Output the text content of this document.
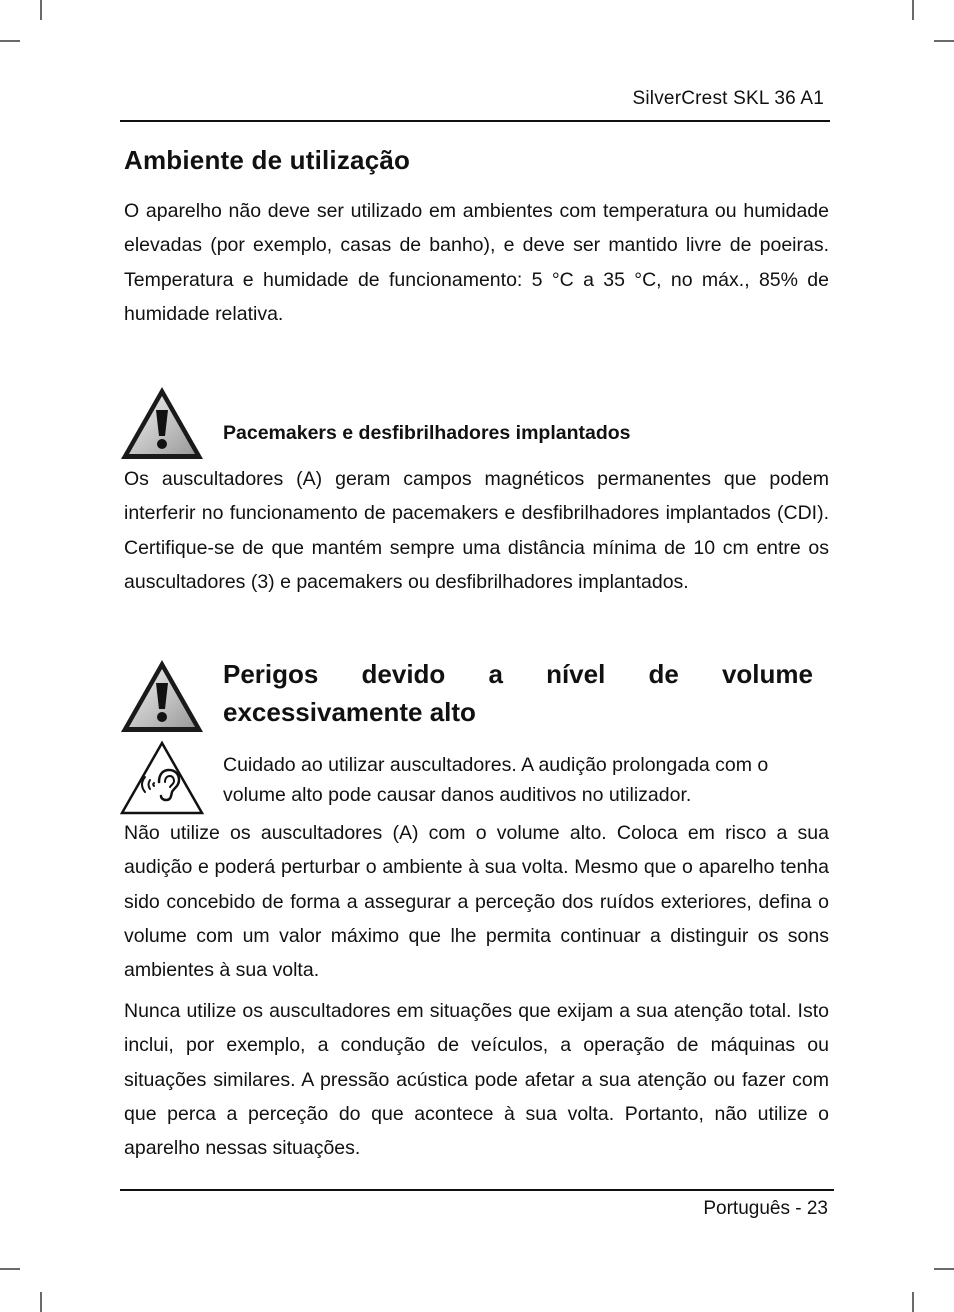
SilverCrest SKL 36 A1
Ambiente de utilização
O aparelho não deve ser utilizado em ambientes com temperatura ou humidade elevadas (por exemplo, casas de banho), e deve ser mantido livre de poeiras. Temperatura e humidade de funcionamento: 5 °C a 35 °C, no máx., 85% de humidade relativa.
Pacemakers e desfibrilhadores implantados
Os auscultadores (A) geram campos magnéticos permanentes que podem interferir no funcionamento de pacemakers e desfibrilhadores implantados (CDI). Certifique-se de que mantém sempre uma distância mínima de 10 cm entre os auscultadores (3) e pacemakers ou desfibrilhadores implantados.
Perigos devido a nível de volume excessivamente alto
Cuidado ao utilizar auscultadores. A audição prolongada com o volume alto pode causar danos auditivos no utilizador.
Não utilize os auscultadores (A) com o volume alto. Coloca em risco a sua audição e poderá perturbar o ambiente à sua volta. Mesmo que o aparelho tenha sido concebido de forma a assegurar a perceção dos ruídos exteriores, defina o volume com um valor máximo que lhe permita continuar a distinguir os sons ambientes à sua volta.
Nunca utilize os auscultadores em situações que exijam a sua atenção total. Isto inclui, por exemplo, a condução de veículos, a operação de máquinas ou situações similares. A pressão acústica pode afetar a sua atenção ou fazer com que perca a perceção do que acontece à sua volta. Portanto, não utilize o aparelho nessas situações.
Português - 23
